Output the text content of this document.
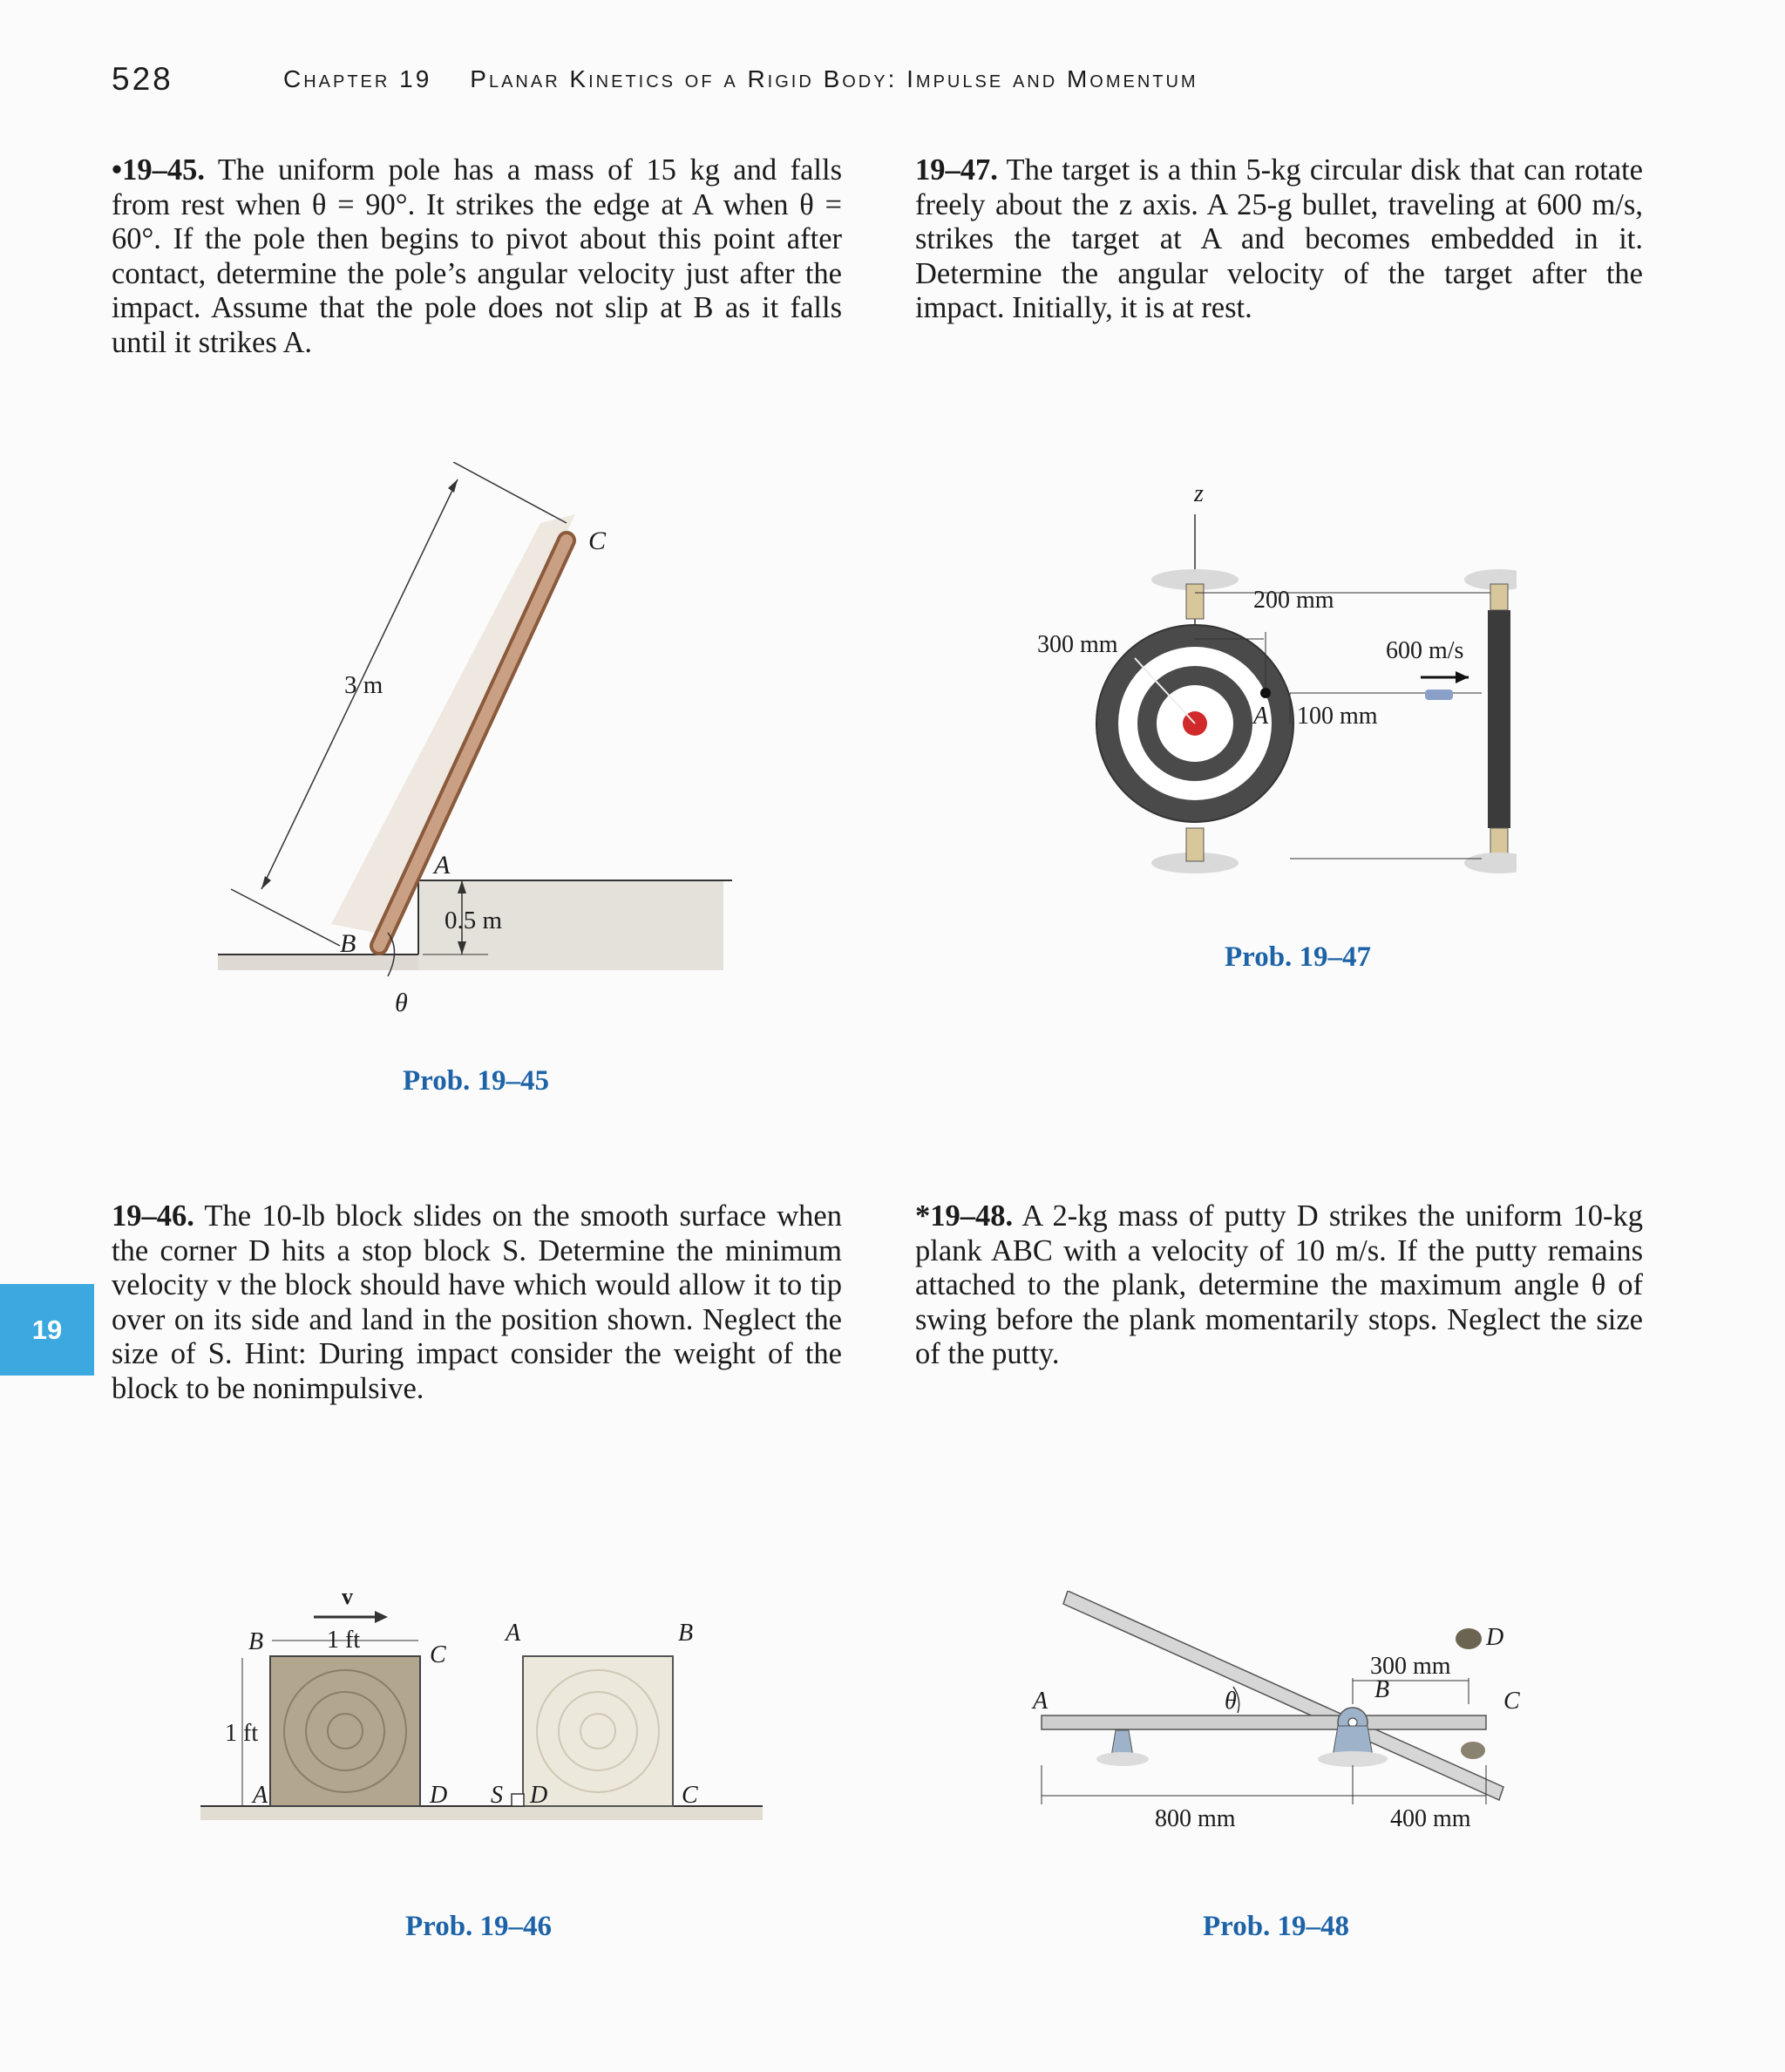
528	Chapter 19 Planar Kinetics of a Rigid Body: Impulse and Momentum
19
•19–45. The uniform pole has a mass of 15 kg and falls from rest when θ = 90°. It strikes the edge at A when θ = 60°. If the pole then begins to pivot about this point after contact, determine the pole’s angular velocity just after the impact. Assume that the pole does not slip at B as it falls until it strikes A.
19–47. The target is a thin 5-kg circular disk that can rotate freely about the z axis. A 25-g bullet, traveling at 600 m/s, strikes the target at A and becomes embedded in it. Determine the angular velocity of the target after the impact. Initially, it is at rest.
19–46. The 10-lb block slides on the smooth surface when the corner D hits a stop block S. Determine the minimum velocity v the block should have which would allow it to tip over on its side and land in the position shown. Neglect the size of S. Hint: During impact consider the weight of the block to be nonimpulsive.
*19–48. A 2-kg mass of putty D strikes the uniform 10-kg plank ABC with a velocity of 10 m/s. If the putty remains attached to the plank, determine the maximum angle θ of swing before the plank momentarily stops. Neglect the size of the putty.
C
3 m
A
B
0.5 m
θ
Prob. 19–45
z
200 mm
300 mm	600 m/s
A 100 mm
Prob. 19–47
v
B	1 ft
C
1 ft
A	D
A	B
S D	C
Prob. 19–46
D
300 mm
B
A	θ	C
800 mm	400 mm
Prob. 19–48
